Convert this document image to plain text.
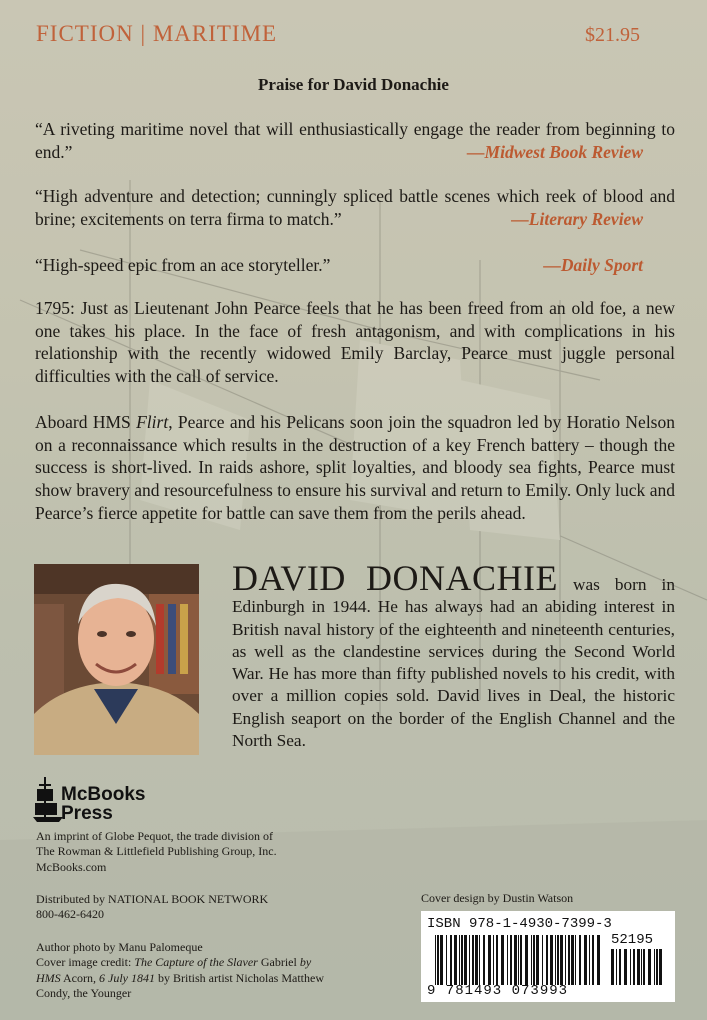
FICTION | MARITIME	$21.95
Praise for David Donachie
“A riveting maritime novel that will enthusiastically engage the reader from beginning to end.”	—Midwest Book Review
“High adventure and detection; cunningly spliced battle scenes which reek of blood and brine; excitements on terra firma to match.”	—Literary Review
“High-speed epic from an ace storyteller.”	—Daily Sport
1795: Just as Lieutenant John Pearce feels that he has been freed from an old foe, a new one takes his place. In the face of fresh antagonism, and with complications in his relationship with the recently widowed Emily Barclay, Pearce must juggle personal difficulties with the call of service.
Aboard HMS Flirt, Pearce and his Pelicans soon join the squadron led by Horatio Nelson on a reconnaissance which results in the destruction of a key French battery – though the success is short-lived. In raids ashore, split loyalties, and bloody sea fights, Pearce must show bravery and resourcefulness to ensure his survival and return to Emily. Only luck and Pearce’s fierce appetite for battle can save them from the perils ahead.
DAVID DONACHIE was born in Edinburgh in 1944. He has always had an abiding interest in British naval history of the eighteenth and nineteenth centuries, as well as the clandestine services during the Second World War. He has more than fifty published novels to his credit, with over a million copies sold. David lives in Deal, the historic English seaport on the border of the English Channel and the North Sea.
McBooks
Press
An imprint of Globe Pequot, the trade division of
The Rowman & Littlefield Publishing Group, Inc.
McBooks.com
Distributed by NATIONAL BOOK NETWORK
800-462-6420
Author photo by Manu Palomeque
Cover image credit: The Capture of the Slaver Gabriel by
HMS Acorn, 6 July 1841 by British artist Nicholas Matthew
Condy, the Younger
Cover design by Dustin Watson
ISBN 978-1-4930-7399-3
52195
9 781493 073993
